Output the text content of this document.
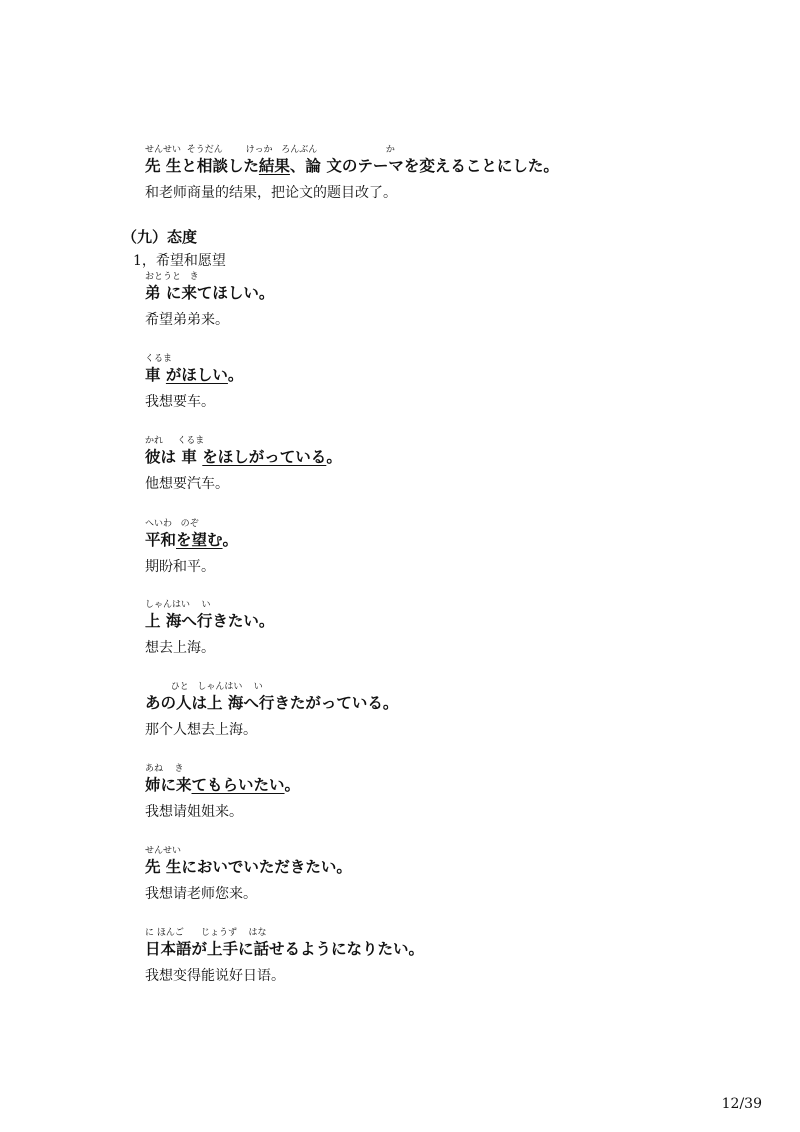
せんせい  そうだん        けっか   ろんぶん                        か
先 生と相談した結果、論 文のテーマを変えることにした。
和老师商量的结果，把论文的题目改了。
（九）态度
1，希望和愿望
おとうと   き
弟 に来てほしい。
希望弟弟来。
くるま
車 がほしい。
我想要车。
かれ     くるま
彼は 車 をほしがっている。
他想要汽车。
へいわ   のぞ
平和を望む。
期盼和平。
しゃんはい    い
上 海へ行きたい。
想去上海。
ひと   しゃんはい    い
あの人は上 海へ行きたがっている。
那个人想去上海。
あね    き
姉に来てもらいたい。
我想请姐姐来。
せんせい
先 生においでいただきたい。
我想请老师您来。
に ほんご      じょうず    はな
日本語が上手に話せるようになりたい。
我想变得能说好日语。
12/39
